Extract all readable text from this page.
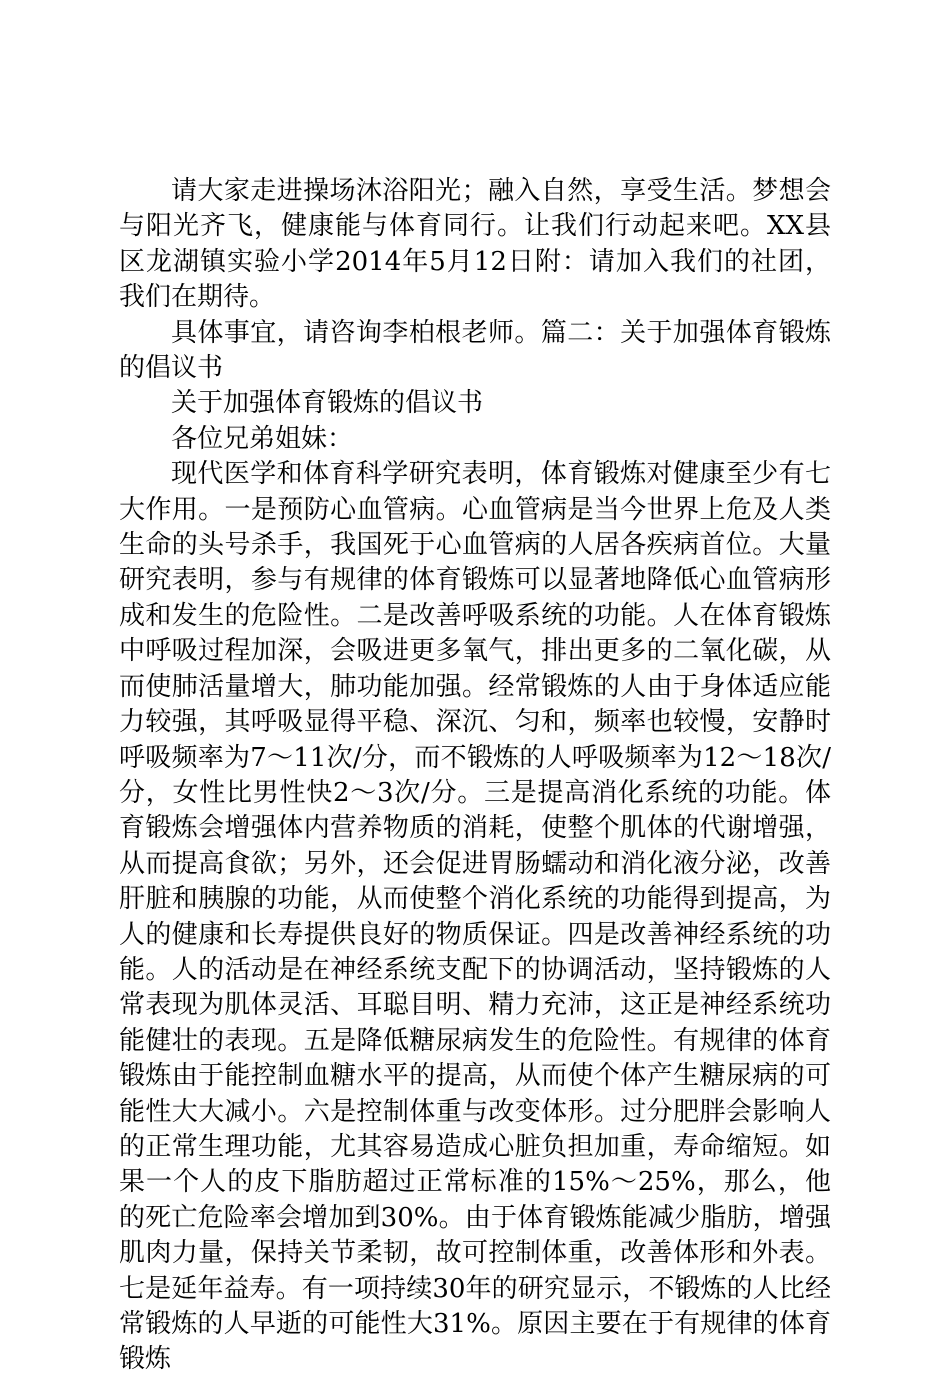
请大家走进操场沐浴阳光；融入自然，享受生活。梦想会与阳光齐飞，健康能与体育同行。让我们行动起来吧。XX县区龙湖镇实验小学2014年5月12日附：请加入我们的社团，我们在期待。

具体事宜，请咨询李柏根老师。篇二：关于加强体育锻炼的倡议书

关于加强体育锻炼的倡议书

各位兄弟姐妹：

现代医学和体育科学研究表明，体育锻炼对健康至少有七大作用。一是预防心血管病。心血管病是当今世界上危及人类生命的头号杀手，我国死于心血管病的人居各疾病首位。大量研究表明，参与有规律的体育锻炼可以显著地降低心血管病形成和发生的危险性。二是改善呼吸系统的功能。人在体育锻炼中呼吸过程加深，会吸进更多氧气，排出更多的二氧化碳，从而使肺活量增大，肺功能加强。经常锻炼的人由于身体适应能力较强，其呼吸显得平稳、深沉、匀和，频率也较慢，安静时呼吸频率为7～11次/分，而不锻炼的人呼吸频率为12～18次/分，女性比男性快2～3次/分。三是提高消化系统的功能。体育锻炼会增强体内营养物质的消耗，使整个肌体的代谢增强，从而提高食欲；另外，还会促进胃肠蠕动和消化液分泌，改善肝脏和胰腺的功能，从而使整个消化系统的功能得到提高，为人的健康和长寿提供良好的物质保证。四是改善神经系统的功能。人的活动是在神经系统支配下的协调活动，坚持锻炼的人常表现为肌体灵活、耳聪目明、精力充沛，这正是神经系统功能健壮的表现。五是降低糖尿病发生的危险性。有规律的体育锻炼由于能控制血糖水平的提高，从而使个体产生糖尿病的可能性大大减小。六是控制体重与改变体形。过分肥胖会影响人的正常生理功能，尤其容易造成心脏负担加重，寿命缩短。如果一个人的皮下脂肪超过正常标准的15%～25%，那么，他的死亡危险率会增加到30%。由于体育锻炼能减少脂肪，增强肌肉力量，保持关节柔韧，故可控制体重，改善体形和外表。七是延年益寿。有一项持续30年的研究显示，不锻炼的人比经常锻炼的人早逝的可能性大31%。原因主要在于有规律的体育锻炼
